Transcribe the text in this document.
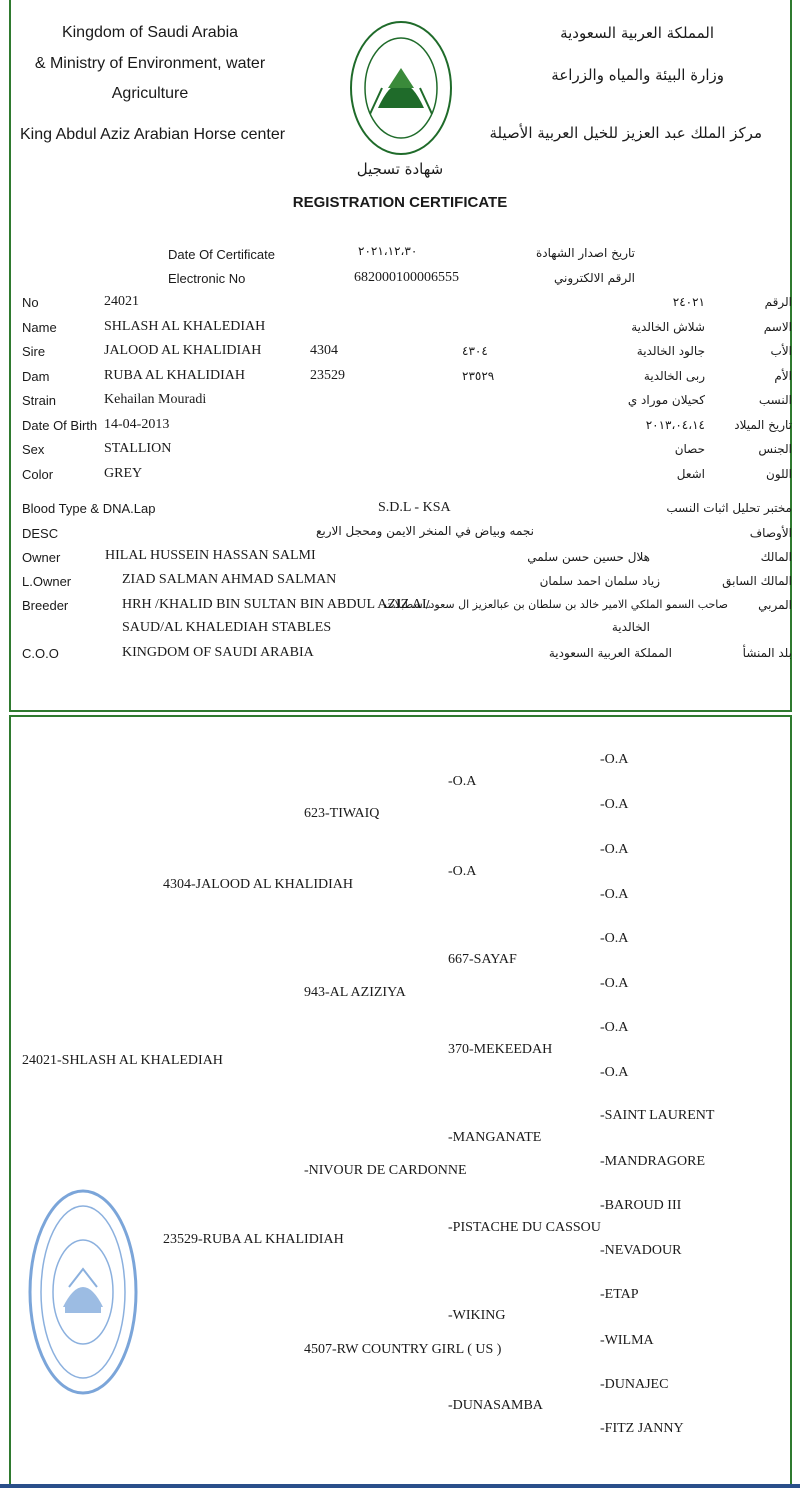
Kingdom of Saudi Arabia
& Ministry of Environment, water
Agriculture
King Abdul Aziz Arabian Horse center
المملكة العربية السعودية
وزارة البيئة والمياه والزراعة
مركز الملك عبد العزيز للخيل العربية الأصيلة
شهادة تسجيل
REGISTRATION CERTIFICATE
Date Of Certificate	٢٠٢١،١٢،٣٠	تاريخ اصدار الشهادة
Electronic No	682000100006555	الرقم الالكتروني
No	24021	٢٤٠٢١	الرقم
Name	SHLASH AL KHALEDIAH	شلاش الخالدية	الاسم
Sire	JALOOD AL KHALIDIAH	4304	٤٣٠٤	جالود الخالدية	الأب
Dam	RUBA AL KHALIDIAH	23529	٢٣٥٢٩	ربى الخالدية	الأم
Strain	Kehailan Mouradi	كحيلان موراد ي	النسب
Date Of Birth 14-04-2013	٢٠١٣،٠٤،١٤ تاريخ الميلاد
Sex	STALLION	حصان	الجنس
Color	GREY	اشعل	اللون
Blood Type & DNA.Lap	S.D.L - KSA	مختبر تحليل اثبات النسب
DESC	نجمه وبياض في المنخر الايمن ومحجل الاربع	الأوصاف
Owner	HILAL HUSSEIN HASSAN SALMI	هلال حسين حسن سلمي	المالك
L.Owner	ZIAD SALMAN AHMAD SALMAN	زياد سلمان احمد سلمان	المالك السابق
Breeder	HRH /KHALID BIN SULTAN BIN ABDUL AZIZ AL
SAUD/AL KHALEDIAH STABLES
صاحب السمو الملكي الامير خالد بن سلطان بن عبالعزيز ال سعود/اسطبلات
الخالدية
المربي
C.O.O	KINGDOM OF SAUDI ARABIA	المملكة العربية السعودية	بلد المنشأ
24021-SHLASH AL KHALEDIAH
4304-JALOOD AL KHALIDIAH
23529-RUBA AL KHALIDIAH
623-TIWAIQ
943-AL AZIZIYA
-NIVOUR DE CARDONNE
4507-RW COUNTRY GIRL ( US )
-O.A
-O.A
667-SAYAF
370-MEKEEDAH
-MANGANATE
-PISTACHE DU CASSOU
-WIKING
-DUNASAMBA
-O.A
-O.A
-O.A
-O.A
-O.A
-O.A
-O.A
-O.A
-SAINT LAURENT
-MANDRAGORE
-BAROUD III
-NEVADOUR
-ETAP
-WILMA
-DUNAJEC
-FITZ JANNY
